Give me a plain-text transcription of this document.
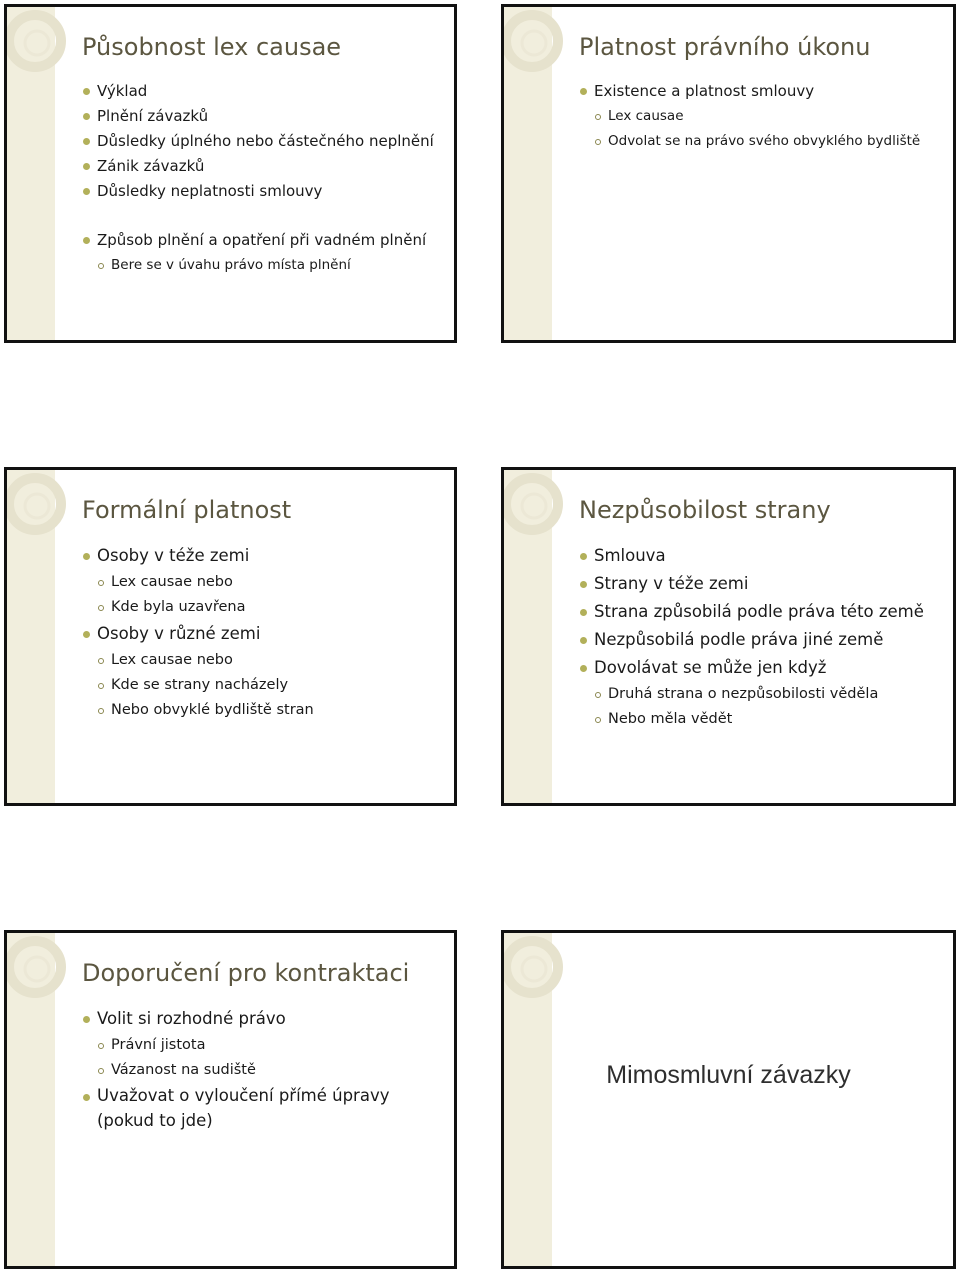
Působnost lex causae
Výklad
Plnění závazků
Důsledky úplného nebo částečného neplnění
Zánik závazků
Důsledky neplatnosti smlouvy
Způsob plnění a opatření při vadném plnění
Bere se v úvahu právo místa plnění
Platnost právního úkonu
Existence a platnost smlouvy
Lex causae
Odvolat se na právo svého obvyklého bydliště
Formální platnost
Osoby v téže zemi
Lex causae nebo
Kde byla uzavřena
Osoby v různé zemi
Lex causae nebo
Kde se strany nacházely
Nebo obvyklé bydliště stran
Nezpůsobilost strany
Smlouva
Strany v téže zemi
Strana způsobilá podle práva této země
Nezpůsobilá podle práva jiné země
Dovolávat se může jen když
Druhá strana o nezpůsobilosti věděla
Nebo měla vědět
Doporučení pro kontraktaci
Volit si rozhodné právo
Právní jistota
Vázanost na sudiště
Uvažovat o vyloučení přímé úpravy (pokud to jde)
Mimosmluvní závazky
